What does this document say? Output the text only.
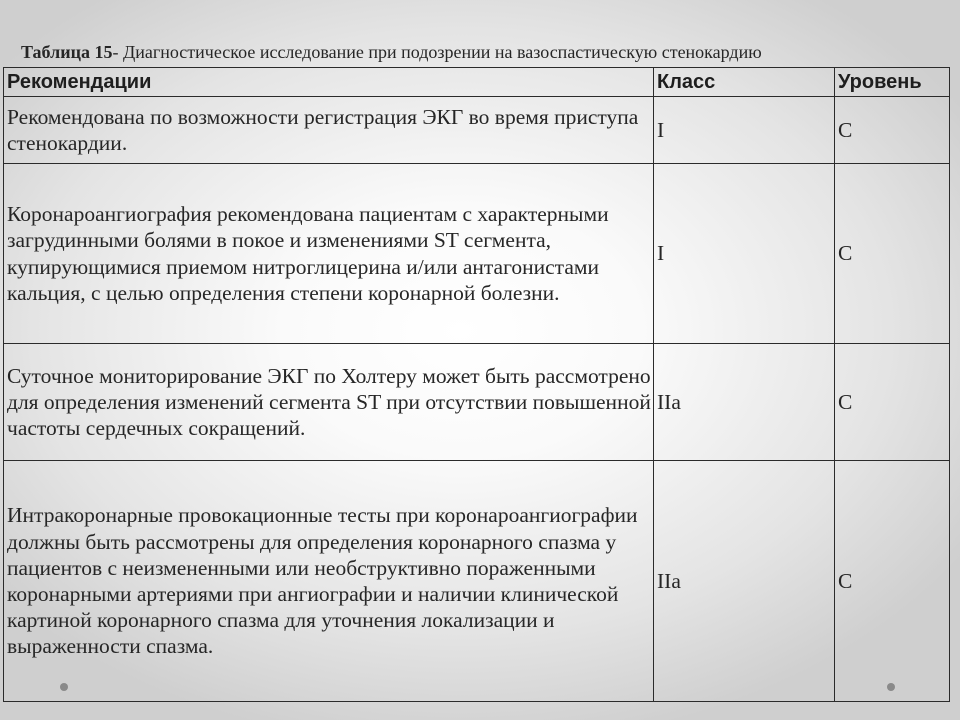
Таблица 15- Диагностическое исследование при подозрении на вазоспастическую стенокардию
Рекомендации	Класс	Уровень
Рекомендована по возможности регистрация ЭКГ во время приступа стенокардии.	I	C
Коронароангиография рекомендована пациентам с характерными загрудинными болями в покое и изменениями ST сегмента, купирующимися приемом нитроглицерина и/или антагонистами кальция, с целью определения степени коронарной болезни.	I	C
Суточное мониторирование ЭКГ по Холтеру может быть рассмотрено для определения изменений сегмента ST при отсутствии повышенной частоты сердечных сокращений.	IIa	C
Интракоронарные провокационные тесты при коронароангиографии должны быть рассмотрены для определения коронарного спазма у пациентов с неизмененными или необструктивно пораженными коронарными артериями при ангиографии и наличии клинической картиной коронарного спазма для уточнения локализации и выраженности спазма.	IIa	C
